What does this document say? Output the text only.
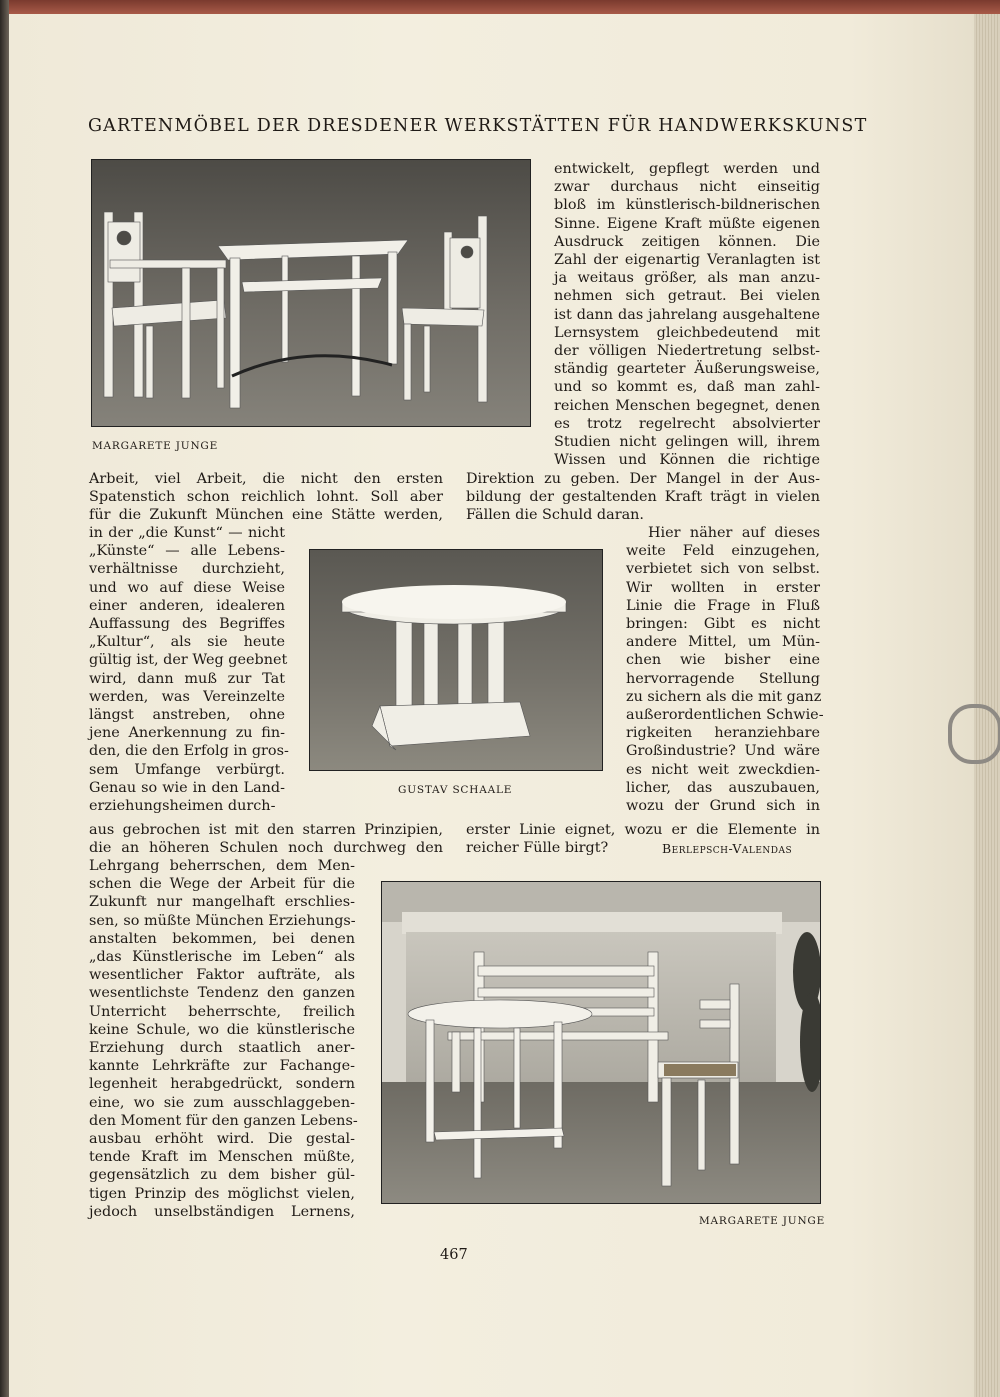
GARTENMÖBEL DER DRESDENER WERKSTÄTTEN FÜR HANDWERKSKUNST
MARGARETE JUNGE
entwickelt, gepflegt werden und
zwar durchaus nicht einseitig
bloß im künstlerisch-bildnerischen
Sinne. Eigene Kraft müßte eigenen
Ausdruck zeitigen können. Die
Zahl der eigenartig Veranlagten ist
ja weitaus größer, als man anzu-
nehmen sich getraut. Bei vielen
ist dann das jahrelang ausgehaltene
Lernsystem gleichbedeutend mit
der völligen Niedertretung selbst-
ständig gearteter Äußerungsweise,
und so kommt es, daß man zahl-
reichen Menschen begegnet, denen
es trotz regelrecht absolvierter
Studien nicht gelingen will, ihrem
Wissen und Können die richtige
Arbeit, viel Arbeit, die nicht den ersten Direktion zu geben. Der Mangel in der Aus-
Spatenstich schon reichlich lohnt. Soll aber bildung der gestaltenden Kraft trägt in vielen
für die Zukunft München eine Stätte werden, Fällen die Schuld daran.
in der „die Kunst“ — nicht
„Künste“ — alle Lebens-
verhältnisse durchzieht,
und wo auf diese Weise
einer anderen, idealeren
Auffassung des Begriffes
„Kultur“, als sie heute
gültig ist, der Weg geebnet
wird, dann muß zur Tat
werden, was Vereinzelte
längst anstreben, ohne
jene Anerkennung zu fin-
den, die den Erfolg in gros-
sem Umfange verbürgt.
Genau so wie in den Land-
erziehungsheimen durch-
GUSTAV SCHAALE
Hier näher auf dieses
weite Feld einzugehen,
verbietet sich von selbst.
Wir wollten in erster
Linie die Frage in Fluß
bringen: Gibt es nicht
andere Mittel, um Mün-
chen wie bisher eine
hervorragende Stellung
zu sichern als die mit ganz
außerordentlichen Schwie-
rigkeiten heranziehbare
Großindustrie? Und wäre
es nicht weit zweckdien-
licher, das auszubauen,
wozu der Grund sich in
aus gebrochen ist mit den starren Prinzipien, erster Linie eignet, wozu er die Elemente in
die an höheren Schulen noch durchweg den reicher Fülle birgt?	Berlepsch-Valendas
Lehrgang beherrschen, dem Men-
schen die Wege der Arbeit für die
Zukunft nur mangelhaft erschlies-
sen, so müßte München Erziehungs-
anstalten bekommen, bei denen
„das Künstlerische im Leben“ als
wesentlicher Faktor aufträte, als
wesentlichste Tendenz den ganzen
Unterricht beherrschte, freilich
keine Schule, wo die künstlerische
Erziehung durch staatlich aner-
kannte Lehrkräfte zur Fachange-
legenheit herabgedrückt, sondern
eine, wo sie zum ausschlaggeben-
den Moment für den ganzen Lebens-
ausbau erhöht wird. Die gestal-
tende Kraft im Menschen müßte,
gegensätzlich zu dem bisher gül-
tigen Prinzip des möglichst vielen,
jedoch unselbständigen Lernens,
MARGARETE JUNGE
467
